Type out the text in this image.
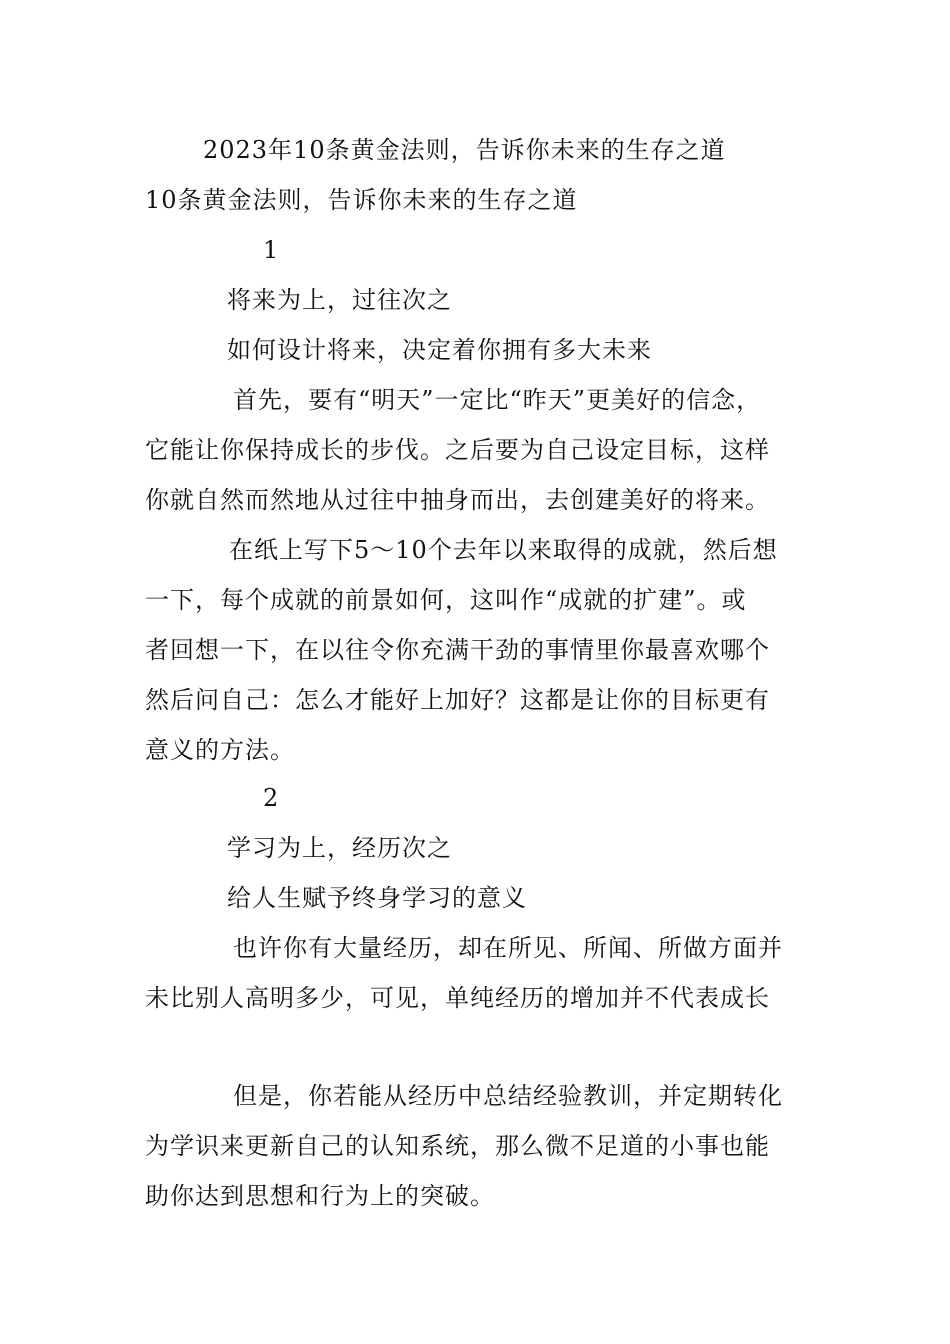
2023年10条黄金法则，告诉你未来的生存之道
10条黄金法则，告诉你未来的生存之道
1
将来为上，过往次之
如何设计将来，决定着你拥有多大未来
首先，要有“明天”一定比“昨天”更美好的信念，
它能让你保持成长的步伐。之后要为自己设定目标，这样
你就自然而然地从过往中抽身而出，去创建美好的将来。
在纸上写下5～10个去年以来取得的成就，然后想
一下，每个成就的前景如何，这叫作“成就的扩建”。或
者回想一下，在以往令你充满干劲的事情里你最喜欢哪个
然后问自己：怎么才能好上加好？这都是让你的目标更有
意义的方法。
2
学习为上，经历次之
给人生赋予终身学习的意义
也许你有大量经历，却在所见、所闻、所做方面并
未比别人高明多少，可见，单纯经历的增加并不代表成长
但是，你若能从经历中总结经验教训，并定期转化
为学识来更新自己的认知系统，那么微不足道的小事也能
助你达到思想和行为上的突破。
